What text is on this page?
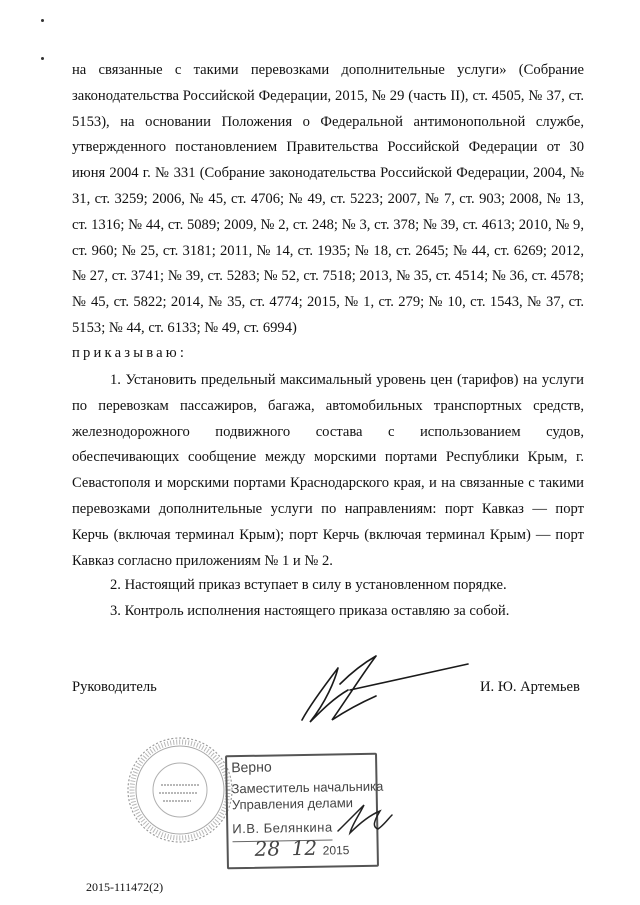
на связанные с такими перевозками дополнительные услуги» (Собрание законодательства Российской Федерации, 2015, № 29 (часть II), ст. 4505, № 37, ст. 5153), на основании Положения о Федеральной антимонопольной службе, утвержденного постановлением Правительства Российской Федерации от 30 июня 2004 г. № 331 (Собрание законодательства Российской Федерации, 2004, № 31, ст. 3259; 2006, № 45, ст. 4706; № 49, ст. 5223; 2007, № 7, ст. 903; 2008, № 13, ст. 1316; № 44, ст. 5089; 2009, № 2, ст. 248; № 3, ст. 378; № 39, ст. 4613; 2010, № 9, ст. 960; № 25, ст. 3181; 2011, № 14, ст. 1935; № 18, ст. 2645; № 44, ст. 6269; 2012, № 27, ст. 3741; № 39, ст. 5283; № 52, ст. 7518; 2013, № 35, ст. 4514; № 36, ст. 4578; № 45, ст. 5822; 2014, № 35, ст. 4774; 2015, № 1, ст. 279; № 10, ст. 1543, № 37, ст. 5153; № 44, ст. 6133; № 49, ст. 6994)

приказываю:

1. Установить предельный максимальный уровень цен (тарифов) на услуги по перевозкам пассажиров, багажа, автомобильных транспортных средств, железнодорожного подвижного состава с использованием судов, обеспечивающих сообщение между морскими портами Республики Крым, г. Севастополя и морскими портами Краснодарского края, и на связанные с такими перевозками дополнительные услуги по направлениям: порт Кавказ — порт Керчь (включая терминал Крым); порт Керчь (включая терминал Крым) — порт Кавказ согласно приложениям № 1 и № 2.

2. Настоящий приказ вступает в силу в установленном порядке.

3. Контроль исполнения настоящего приказа оставляю за собой.

Руководитель	И. Ю. Артемьев
Верно
Заместитель начальника
Управления делами
И.В. Белянкина
28 12 2015
2015-111472(2)
